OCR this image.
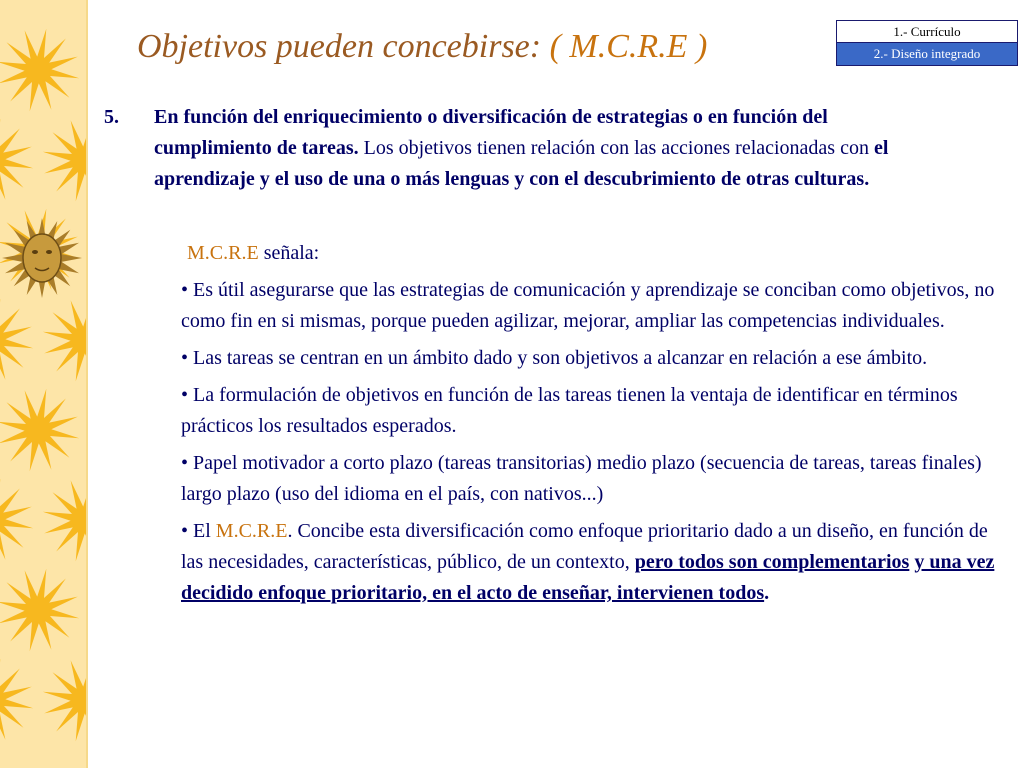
Objetivos pueden concebirse: ( M.C.R.E )	1.- Currículo
2.- Diseño integrado
5. En función del enriquecimiento o diversificación de estrategias o en función del cumplimiento de tareas. Los objetivos tienen relación con las acciones relacionadas con el aprendizaje y el uso de una o más lenguas y con el descubrimiento de otras culturas.
M.C.R.E señala:
• Es útil asegurarse que las estrategias de comunicación y aprendizaje se conciban como objetivos, no como fin en si mismas, porque pueden agilizar, mejorar, ampliar las competencias individuales.
• Las tareas se centran en un ámbito dado y son objetivos a alcanzar en relación a ese ámbito.
• La formulación de objetivos en función de las tareas tienen la ventaja de identificar en términos prácticos los resultados esperados.
• Papel motivador a corto plazo (tareas transitorias) medio plazo (secuencia de tareas, tareas finales) largo plazo (uso del idioma en el país, con nativos...)
• El M.C.R.E. Concibe esta diversificación como enfoque prioritario dado a un diseño, en función de las necesidades, características, público, de un contexto, pero todos son complementarios y una vez decidido enfoque prioritario, en el acto de enseñar, intervienen todos.
